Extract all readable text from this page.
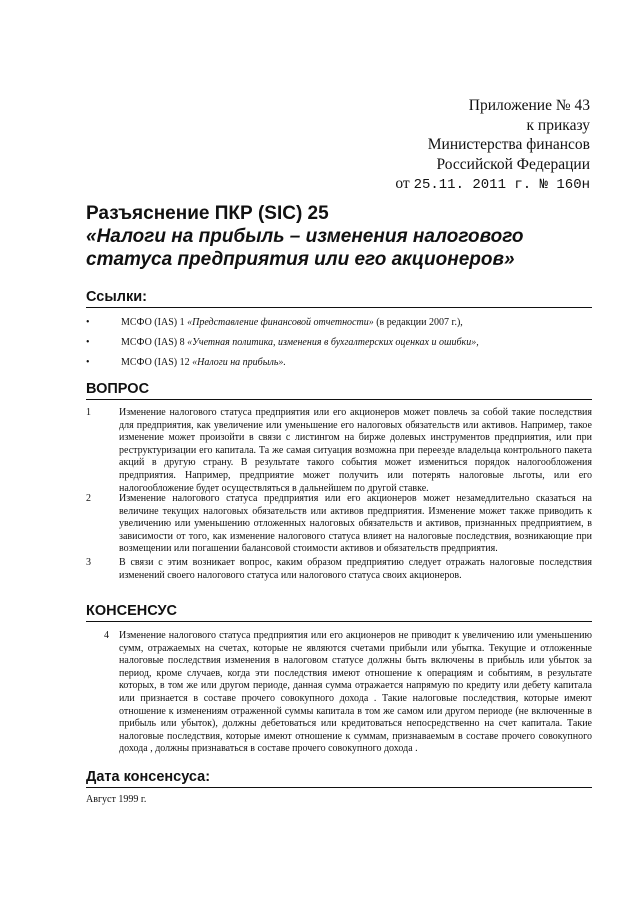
Приложение № 43
к приказу
Министерства финансов
Российской Федерации
от 25.11. 2011 г. № 160н
Разъяснение ПКР (SIC) 25
«Налоги на прибыль – изменения налогового статуса предприятия или его акционеров»
Ссылки:
•	МСФО (IAS) 1 «Представление финансовой отчетности» (в редакции 2007 г.),
•	МСФО (IAS) 8 «Учетная политика, изменения в бухгалтерских оценках и ошибки»,
•	МСФО (IAS) 12 «Налоги на прибыль».
ВОПРОС
1	Изменение налогового статуса предприятия или его акционеров может повлечь за собой такие последствия для предприятия, как увеличение или уменьшение его налоговых обязательств или активов. Например, такое изменение может произойти в связи с листингом на бирже долевых инструментов предприятия, или при реструктуризации его капитала. Та же самая ситуация возможна при переезде владельца контрольного пакета акций в другую страну. В результате такого события может измениться порядок налогообложения предприятия. Например, предприятие может получить или потерять налоговые льготы, или его налогообложение будет осуществляться в дальнейшем по другой ставке.
2	Изменение налогового статуса предприятия или его акционеров может незамедлительно сказаться на величине текущих налоговых обязательств или активов предприятия. Изменение может также приводить к увеличению или уменьшению отложенных налоговых обязательств и активов, признанных предприятием, в зависимости от того, как изменение налогового статуса влияет на налоговые последствия, возникающие при возмещении или погашении балансовой стоимости активов и обязательств предприятия.
3	В связи с этим возникает вопрос, каким образом предприятию следует отражать налоговые последствия изменений своего налогового статуса или налогового статуса своих акционеров.
КОНСЕНСУС
4 Изменение налогового статуса предприятия или его акционеров не приводит к увеличению или уменьшению сумм, отражаемых на счетах, которые не являются счетами прибыли или убытка. Текущие и отложенные налоговые последствия изменения в налоговом статусе должны быть включены в прибыль или убыток за период, кроме случаев, когда эти последствия имеют отношение к операциям и событиям, в результате которых, в том же или другом периоде, данная сумма отражается напрямую по кредиту или дебету капитала или признается в составе прочего совокупного дохода . Такие налоговые последствия, которые имеют отношение к изменениям отраженной суммы капитала в том же самом или другом периоде (не включенные в прибыль или убыток), должны дебетоваться или кредитоваться непосредственно на счет капитала. Такие налоговые последствия, которые имеют отношение к суммам, признаваемым в составе прочего совокупного дохода , должны признаваться в составе прочего совокупного дохода .
Дата консенсуса:
Август 1999 г.
